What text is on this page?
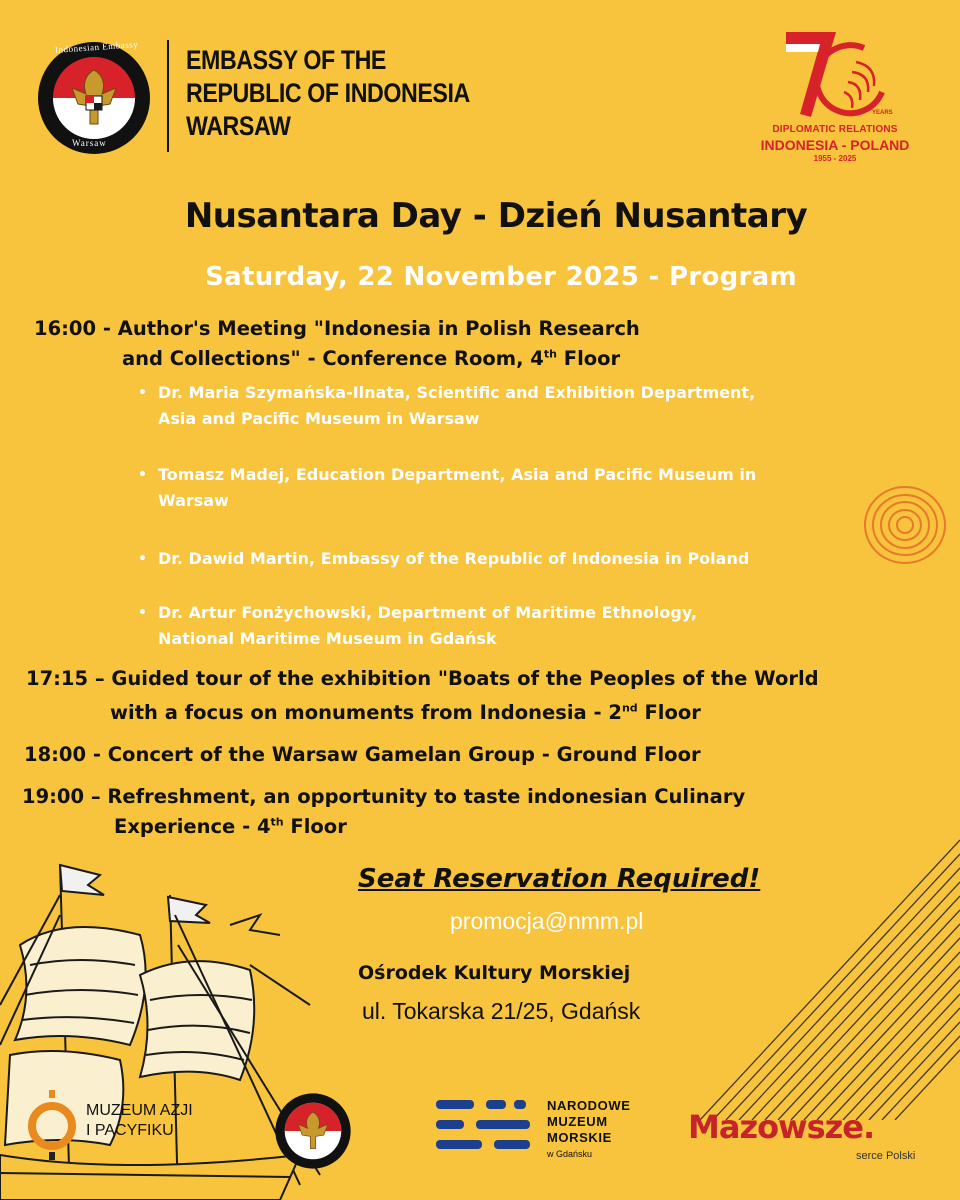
Indonesian Embassy
Warsaw
EMBASSY OF THE
REPUBLIC OF INDONESIA
WARSAW	YEARS
DIPLOMATIC RELATIONS
INDONESIA - POLAND
1955 - 2025
Nusantara Day - Dzień Nusantary
Saturday, 22 November 2025 - Program
16:00 - Author's Meeting "Indonesia in Polish Research
and Collections" - Conference Room, 4th Floor
• Dr. Maria Szymańska-Ilnata, Scientific and Exhibition Department,
Asia and Pacific Museum in Warsaw
• Tomasz Madej, Education Department, Asia and Pacific Museum in
Warsaw
• Dr. Dawid Martin, Embassy of the Republic of Indonesia in Poland
• Dr. Artur Fonżychowski, Department of Maritime Ethnology,
National Maritime Museum in Gdańsk
17:15 – Guided tour of the exhibition "Boats of the Peoples of the World
with a focus on monuments from Indonesia - 2nd Floor
18:00 - Concert of the Warsaw Gamelan Group - Ground Floor
19:00 – Refreshment, an opportunity to taste indonesian Culinary
Experience - 4th Floor
Seat Reservation Required!
promocja@nmm.pl
Ośrodek Kultury Morskiej
ul. Tokarska 21/25, Gdańsk
MUZEUM AZJI
I PACYFIKU
NARODOWE
MUZEUM
MORSKIE
w Gdańsku
Mazowsze.
serce Polski
